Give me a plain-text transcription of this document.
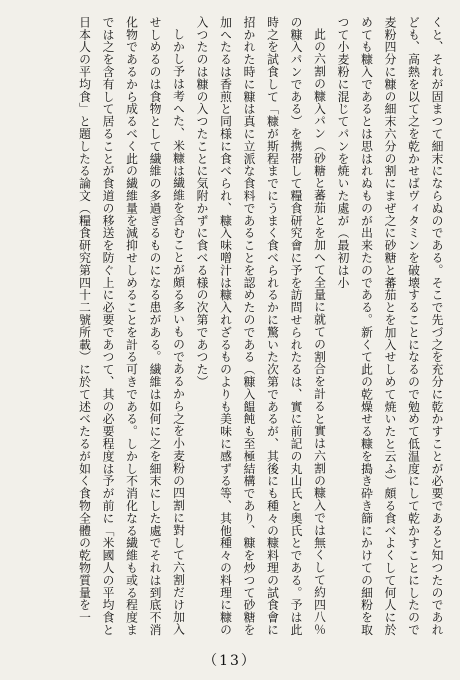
くと、それが固まつて細末にならぬのである。そこで先づ之を充分に乾かすことが必要であると知つたのであれども、高熱を以て之を乾かせばヴィタミンを破壊することになるので勉めて低温度にして乾かすことにしたので麦粉四分に糠の細末六分の割にまぜ之に砂糖と蕃茄とを加入せしめて焼いたと云ふ）頗る食べよくして何人に於めても糠入であるとは思はれぬものが出来たのである。新くて此の乾燥せる糠を搗き砕き篩にかけての細粉を取つて小麦粉に混じてパンを焼いた處が（最初は小

此の六割の糠入パン（砂糖と蕃茄とを加へて全量に就ての割合を計ると實は六割の糠入では無くして約四八％の糠入パンである）を携帯して糧食研究會に予を訪問せられたるは、實に前記の丸山氏と奥氏とである。予は此時之を試食して「糠が斯程までにうまく食べられるかに驚いた次第であるが、其後にも種々の糠料理の試食會に招かれた時に糠は真に立派な食料であることを認めたのである（糠入饂飩も至極結構であり、糠を炒つて砂糖を加へたるは香煎と同様に食べられ、糠入味噌汁は糠入れざるものよりも美味に感ずる等、其他種々の料理に糠の入つたのは糠の入つたことに気附かずに食べる様の次第であつた）

しかし予は考へた、米糠は繊維を含むことが頗る多いものであるから之を小麦粉の四割に對して六割だけ加入せしめるのは食物として繊維の多過ぎるものになる患がある。繊維は如何に之を細末にした處でそれは到底不消化物であるから成るべく此の繊維量を減抑せしめることを計る可きである。しかし不消化なる繊維も或る程度までは之を含有して居ることが食道の移送を防ぐ上に必要であつて、其の必要程度は予が前に「米國人の平均食と日本人の平均食」と題したる論文（糧食研究第四十二號所載）に於て述べたるが如く食物全體の乾物質量を一

（13）
